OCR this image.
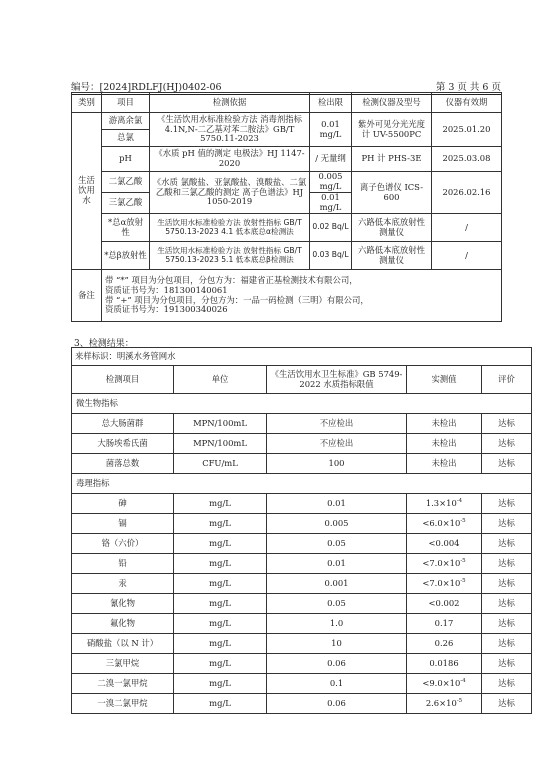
编号：[2024]RDLFJ(HJ)0402-06	第 3 页 共 6 页
类别	项目	检测依据	检出限	检测仪器及型号	仪器有效期
生活饮用水	游离余氯	《生活饮用水标准检验方法 消毒剂指标 4.1N,N-二乙基对苯二胺法》GB/T 5750.11-2023	0.01 mg/L	紫外可见分光光度计 UV-5500PC	2025.01.20
	总氯				
	pH	《水质 pH 值的测定 电极法》HJ 1147-2020	/ 无量纲	PH 计 PHS-3E	2025.03.08
	二氯乙酸	《水质 氯酸盐、亚氯酸盐、溴酸盐、二氯乙酸和三氯乙酸的测定 离子色谱法》HJ 1050-2019	0.005 mg/L	离子色谱仪 ICS-600	2026.02.16
	三氯乙酸		0.01 mg/L		
	*总α放射性	生活饮用水标准检验方法 放射性指标 GB/T 5750.13-2023 4.1 低本底总α检测法	0.02 Bq/L	六路低本底放射性测量仪	/
	*总β放射性	生活饮用水标准检验方法 放射性指标 GB/T 5750.13-2023 5.1 低本底总β检测法	0.03 Bq/L	六路低本底放射性测量仪	/
备注	带 “*” 项目为分包项目，分包方为：福建省正基检测技术有限公司，
资质证书号为：181300140061
带 “+” 项目为分包项目，分包方为：一品一码检测（三明）有限公司，
资质证书号为：191300340026				
3、检测结果：
来样标识：明溪水务管网水				
检测项目	单位	《生活饮用水卫生标准》GB 5749-2022 水质指标限值	实测值	评价
微生物指标				
总大肠菌群	MPN/100mL	不应检出	未检出	达标
大肠埃希氏菌	MPN/100mL	不应检出	未检出	达标
菌落总数	CFU/mL	100	未检出	达标
毒理指标				
砷	mg/L	0.01	$1.3\times 10^{-4}$	达标
镉	mg/L	0.005	$<6.0\times 10^{-5}$	达标
铬（六价）	mg/L	0.05	<0.004	达标
铅	mg/L	0.01	$<7.0\times 10^{-5}$	达标
汞	mg/L	0.001	$<7.0\times 10^{-5}$	达标
氰化物	mg/L	0.05	<0.002	达标
氟化物	mg/L	1.0	0.17	达标
硝酸盐（以 N 计）	mg/L	10	0.26	达标
三氯甲烷	mg/L	0.06	0.0186	达标
二溴一氯甲烷	mg/L	0.1	$<9.0\times 10^{-4}$	达标
一溴二氯甲烷	mg/L	0.06	$2.6\times 10^{-5}$	达标
